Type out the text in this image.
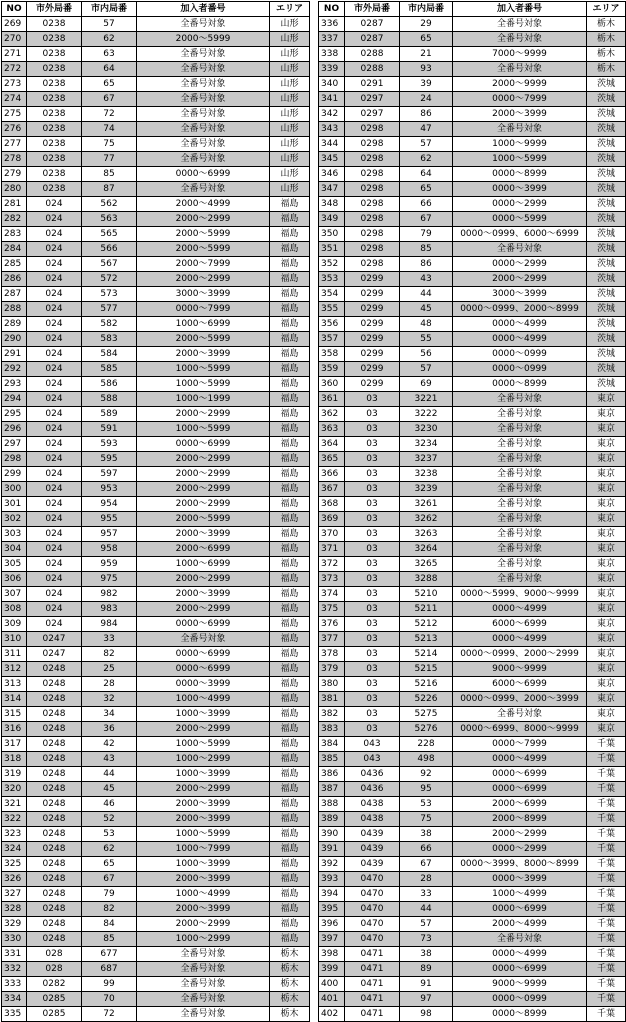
NO	市外局番	市内局番	加入者番号	エリア
269	0238	57	全番号対象	山形
270	0238	62	2000～5999	山形
271	0238	63	全番号対象	山形
272	0238	64	全番号対象	山形
273	0238	65	全番号対象	山形
274	0238	67	全番号対象	山形
275	0238	72	全番号対象	山形
276	0238	74	全番号対象	山形
277	0238	75	全番号対象	山形
278	0238	77	全番号対象	山形
279	0238	85	0000～6999	山形
280	0238	87	全番号対象	山形
281	024	562	2000～4999	福島
282	024	563	2000～2999	福島
283	024	565	2000～5999	福島
284	024	566	2000～5999	福島
285	024	567	2000～7999	福島
286	024	572	2000～2999	福島
287	024	573	3000～3999	福島
288	024	577	0000～7999	福島
289	024	582	1000～6999	福島
290	024	583	2000～5999	福島
291	024	584	2000～3999	福島
292	024	585	1000～5999	福島
293	024	586	1000～5999	福島
294	024	588	1000～1999	福島
295	024	589	2000～2999	福島
296	024	591	1000～5999	福島
297	024	593	0000～6999	福島
298	024	595	2000～2999	福島
299	024	597	2000～2999	福島
300	024	953	2000～2999	福島
301	024	954	2000～2999	福島
302	024	955	2000～5999	福島
303	024	957	2000～3999	福島
304	024	958	2000～6999	福島
305	024	959	1000～6999	福島
306	024	975	2000～2999	福島
307	024	982	2000～3999	福島
308	024	983	2000～2999	福島
309	024	984	0000～6999	福島
310	0247	33	全番号対象	福島
311	0247	82	0000～6999	福島
312	0248	25	0000～6999	福島
313	0248	28	0000～3999	福島
314	0248	32	1000～4999	福島
315	0248	34	1000～3999	福島
316	0248	36	2000～2999	福島
317	0248	42	1000～5999	福島
318	0248	43	1000～2999	福島
319	0248	44	1000～3999	福島
320	0248	45	2000～2999	福島
321	0248	46	2000～3999	福島
322	0248	52	2000～3999	福島
323	0248	53	1000～5999	福島
324	0248	62	1000～7999	福島
325	0248	65	1000～3999	福島
326	0248	67	2000～3999	福島
327	0248	79	1000～4999	福島
328	0248	82	2000～3999	福島
329	0248	84	2000～2999	福島
330	0248	85	1000～2999	福島
331	028	677	全番号対象	栃木
332	028	687	全番号対象	栃木
333	0282	99	全番号対象	栃木
334	0285	70	全番号対象	栃木
335	0285	72	全番号対象	栃木
NO	市外局番	市内局番	加入者番号	エリア
336	0287	29	全番号対象	栃木
337	0287	65	全番号対象	栃木
338	0288	21	7000～9999	栃木
339	0288	93	全番号対象	栃木
340	0291	39	2000～9999	茨城
341	0297	24	0000～7999	茨城
342	0297	86	2000～3999	茨城
343	0298	47	全番号対象	茨城
344	0298	57	1000～9999	茨城
345	0298	62	1000～5999	茨城
346	0298	64	0000～8999	茨城
347	0298	65	0000～3999	茨城
348	0298	66	0000～2999	茨城
349	0298	67	0000～5999	茨城
350	0298	79	0000～0999、6000～6999	茨城
351	0298	85	全番号対象	茨城
352	0298	86	0000～2999	茨城
353	0299	43	2000～2999	茨城
354	0299	44	3000～3999	茨城
355	0299	45	0000～0999、2000～8999	茨城
356	0299	48	0000～4999	茨城
357	0299	55	0000～4999	茨城
358	0299	56	0000～0999	茨城
359	0299	57	0000～0999	茨城
360	0299	69	0000～8999	茨城
361	03	3221	全番号対象	東京
362	03	3222	全番号対象	東京
363	03	3230	全番号対象	東京
364	03	3234	全番号対象	東京
365	03	3237	全番号対象	東京
366	03	3238	全番号対象	東京
367	03	3239	全番号対象	東京
368	03	3261	全番号対象	東京
369	03	3262	全番号対象	東京
370	03	3263	全番号対象	東京
371	03	3264	全番号対象	東京
372	03	3265	全番号対象	東京
373	03	3288	全番号対象	東京
374	03	5210	0000～5999、9000～9999	東京
375	03	5211	0000～4999	東京
376	03	5212	6000～6999	東京
377	03	5213	0000～4999	東京
378	03	5214	0000～0999、2000～2999	東京
379	03	5215	9000～9999	東京
380	03	5216	6000～6999	東京
381	03	5226	0000～0999、2000～3999	東京
382	03	5275	全番号対象	東京
383	03	5276	0000～6999、8000～9999	東京
384	043	228	0000～7999	千葉
385	043	498	0000～4999	千葉
386	0436	92	0000～6999	千葉
387	0436	95	0000～6999	千葉
388	0438	53	2000～6999	千葉
389	0438	75	2000～8999	千葉
390	0439	38	2000～2999	千葉
391	0439	66	0000～2999	千葉
392	0439	67	0000～3999、8000～8999	千葉
393	0470	28	0000～3999	千葉
394	0470	33	1000～4999	千葉
395	0470	44	0000～6999	千葉
396	0470	57	2000～4999	千葉
397	0470	73	全番号対象	千葉
398	0471	38	0000～4999	千葉
399	0471	89	0000～6999	千葉
400	0471	91	9000～9999	千葉
401	0471	97	0000～0999	千葉
402	0471	98	0000～8999	千葉
